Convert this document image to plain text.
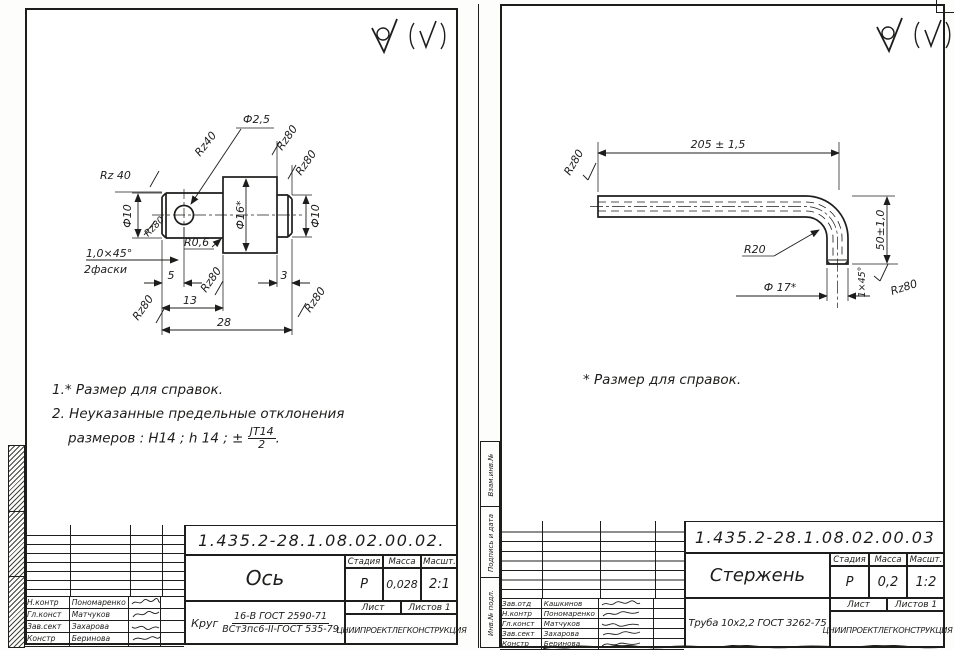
Ф2,5
Rz40
Rz 40
Rz80
Rz80
Ф10 Rz80	Ф16*	Ф10
R0,6
1,0×45°
2фаски	5	3
13
28
Rz80
Rz80	Rz80
1.* Размер для справок.
2. Неуказанные предельные отклонения
размеров : Н14 ; h 14 ; ± $\frac{JT14}{2}$ .
Н.контр	Пономаренко
Гл.конст	Матчуков
Зав.сект	Захарова
Констр	Беринова
1.435.2-28.1.08.02.00.02.
Ось
Стадия Масса Масшт.
Р	0,028 2:1
Лист	Листов 1
Круг $\frac{\text{16-В ГОСТ 2590-71}}{\text{ВСт3пс6-II-ГОСТ 535-79}}$
ЦНИИПРОЕКТЛЕГКОНСТРУКЦИЯ
Взам.инв.№
Подпись и дата
Инв.№ подл.
205 ± 1,5
Rz80
R20	50±1,0
1×45°
Ф 17*	Rz80
* Размер для справок.
Зав.отд	Кашкинов
Н.контр	Пономаренко
Гл.конст	Матчуков
Зав.сект	Захарова
Констр	Беринова
1.435.2-28.1.08.02.00.03
Стержень
Стадия	Масса Масшт.
Р	0,2	1:2
Лист	Листов 1
Труба 10х2,2 ГОСТ 3262-75
ЦНИИПРОЕКТЛЕГКОНСТРУКЦИЯ
